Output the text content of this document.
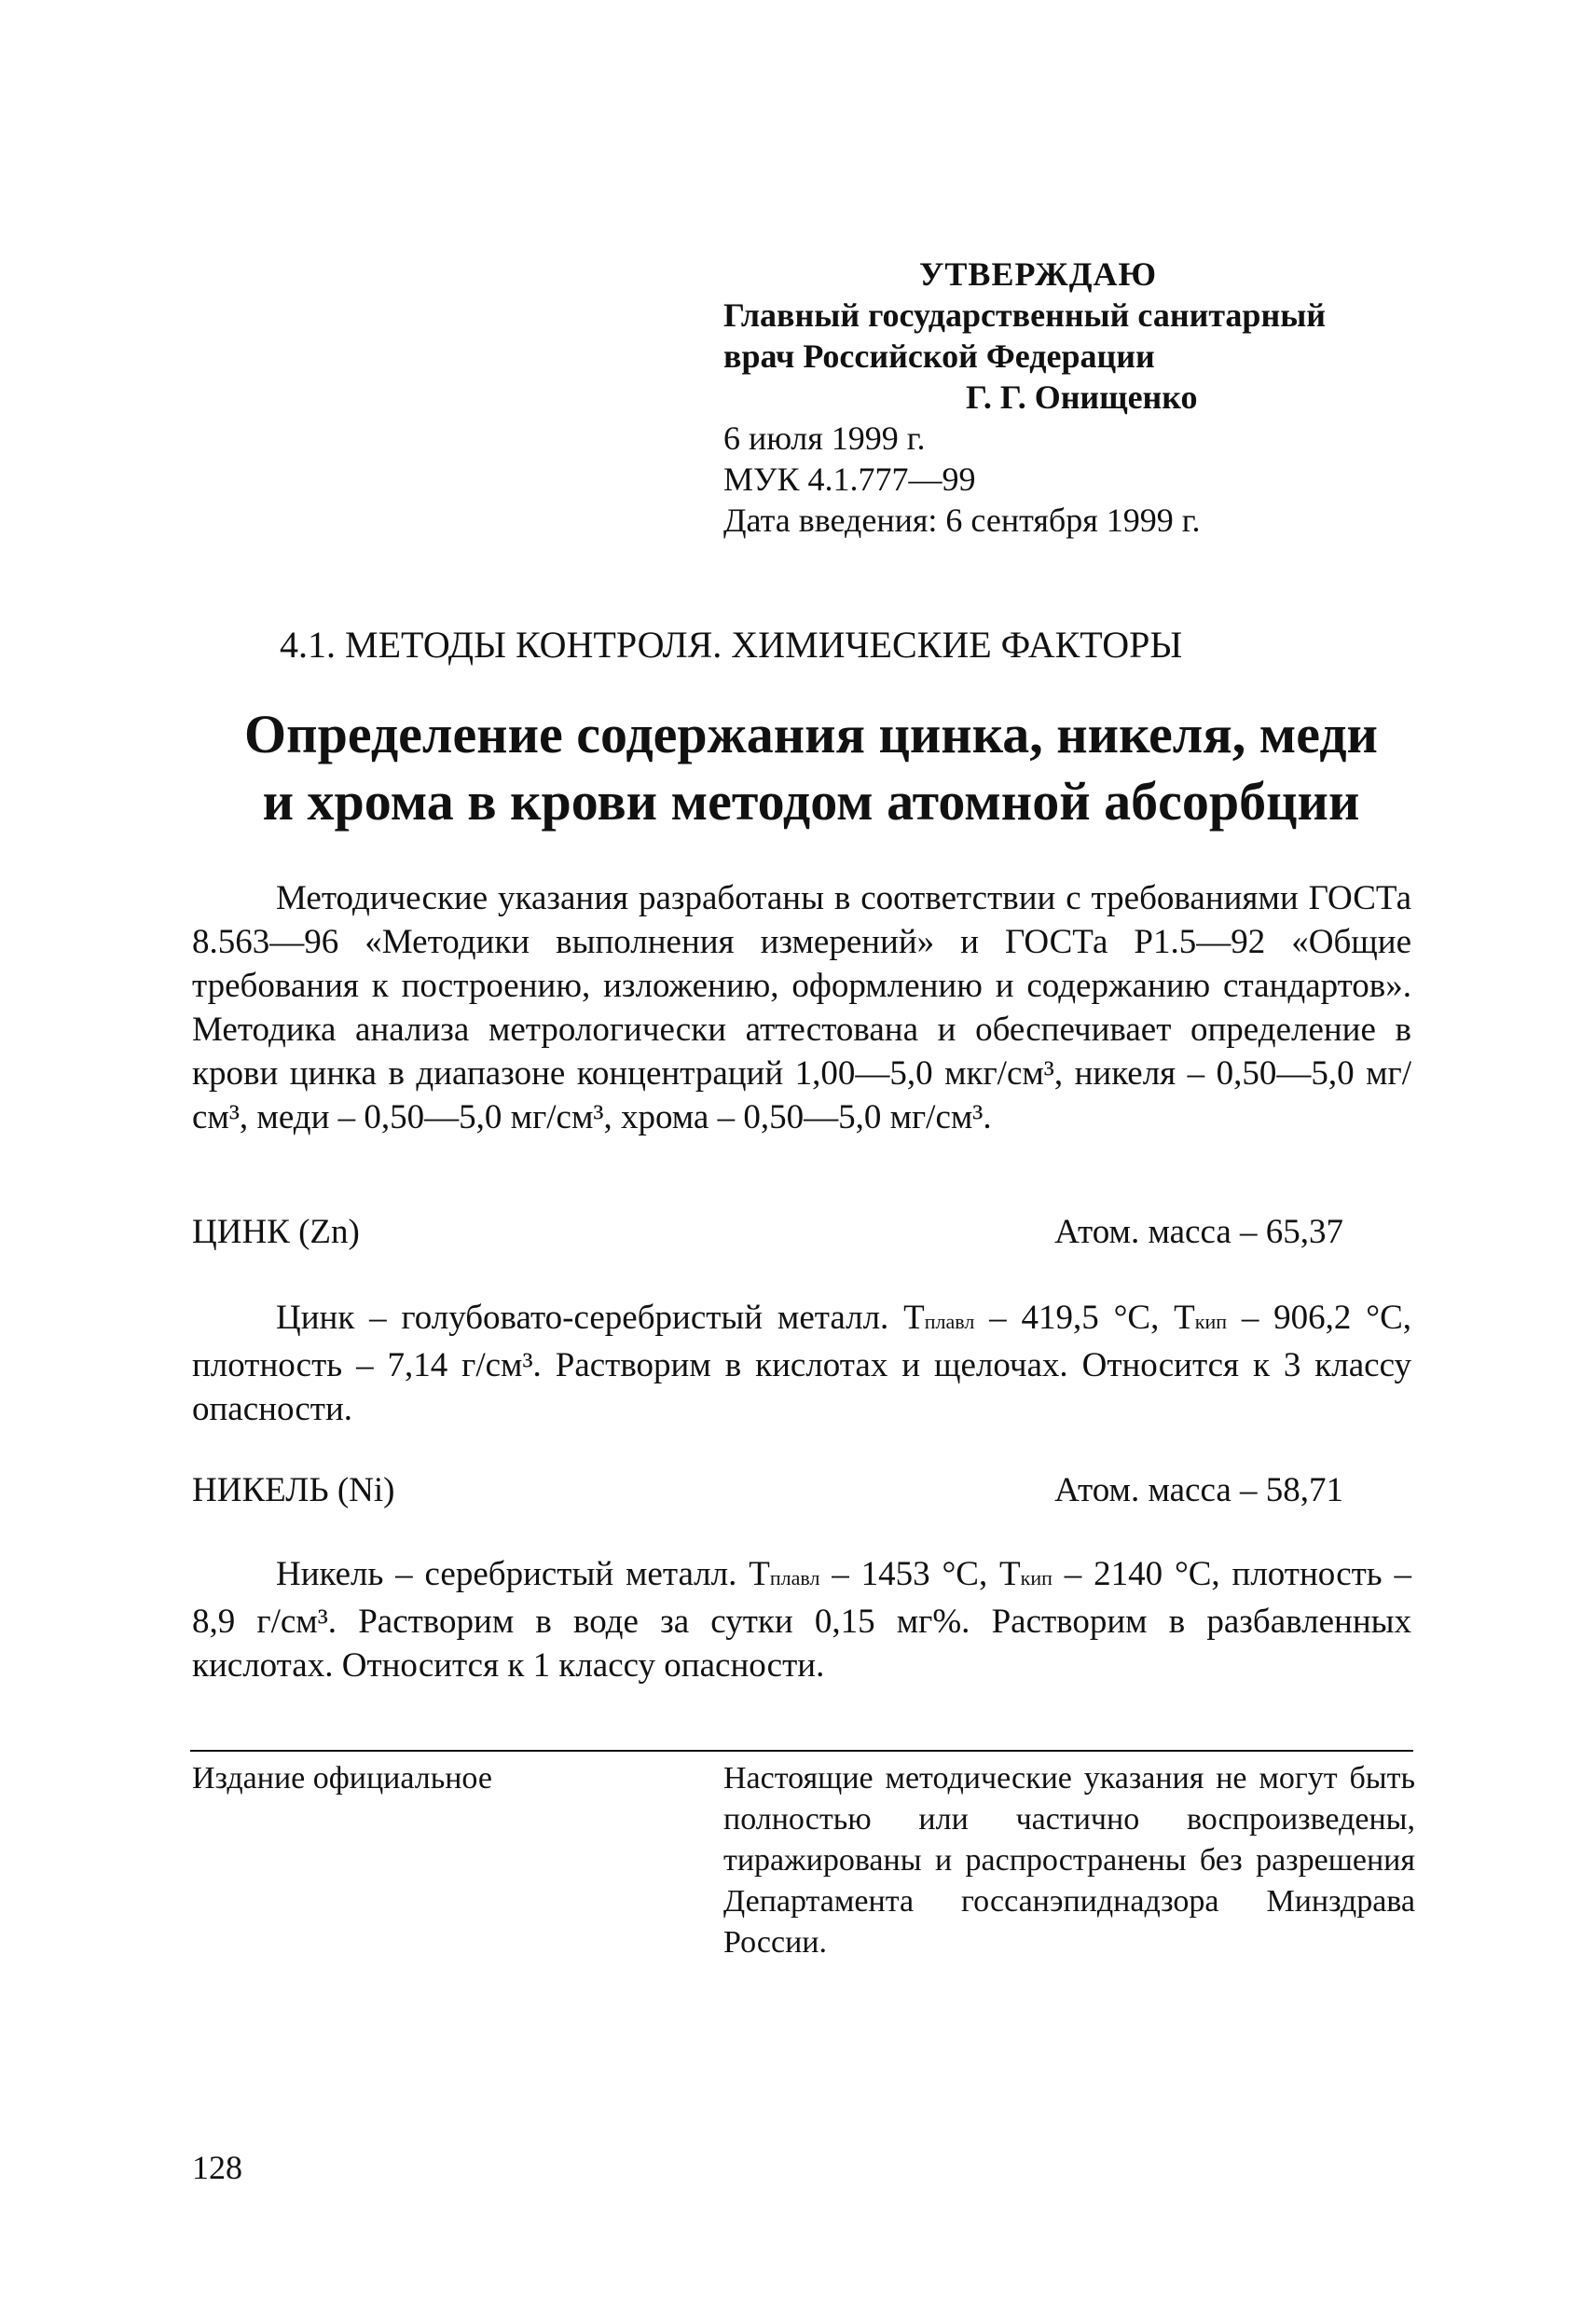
УТВЕРЖДАЮ
Главный государственный санитарный
врач Российской Федерации
Г. Г. Онищенко
6 июля 1999 г.
МУК 4.1.777—99
Дата введения: 6 сентября 1999 г.
4.1. МЕТОДЫ КОНТРОЛЯ. ХИМИЧЕСКИЕ ФАКТОРЫ
Определение содержания цинка, никеля, меди
и хрома в крови методом атомной абсорбции
Методические указания разработаны в соответствии с требованиями ГОСТа 8.563—96 «Методики выполнения измерений» и ГОСТа Р1.5—92 «Общие требования к построению, изложению, оформлению и содержанию стандартов». Методика анализа метрологически аттестована и обеспечивает определение в крови цинка в диапазоне концентраций 1,00—5,0 мкг/см³, никеля – 0,50—5,0 мг/см³, меди – 0,50—5,0 мг/см³, хрома – 0,50—5,0 мг/см³.
ЦИНК (Zn)	Атом. масса – 65,37
Цинк – голубовато-серебристый металл. Tплавл – 419,5 °С, Tкип – 906,2 °С, плотность – 7,14 г/см³. Растворим в кислотах и щелочах. Относится к 3 классу опасности.
НИКЕЛЬ (Ni)	Атом. масса – 58,71
Никель – серебристый металл. Tплавл – 1453 °С, Tкип – 2140 °С, плотность – 8,9 г/см³. Растворим в воде за сутки 0,15 мг%. Растворим в разбавленных кислотах. Относится к 1 классу опасности.
Издание официальное	Настоящие методические указания не могут быть полностью или частично воспроизведены, тиражированы и распространены без разрешения Департамента госсанэпиднадзора Минздрава России.
128
